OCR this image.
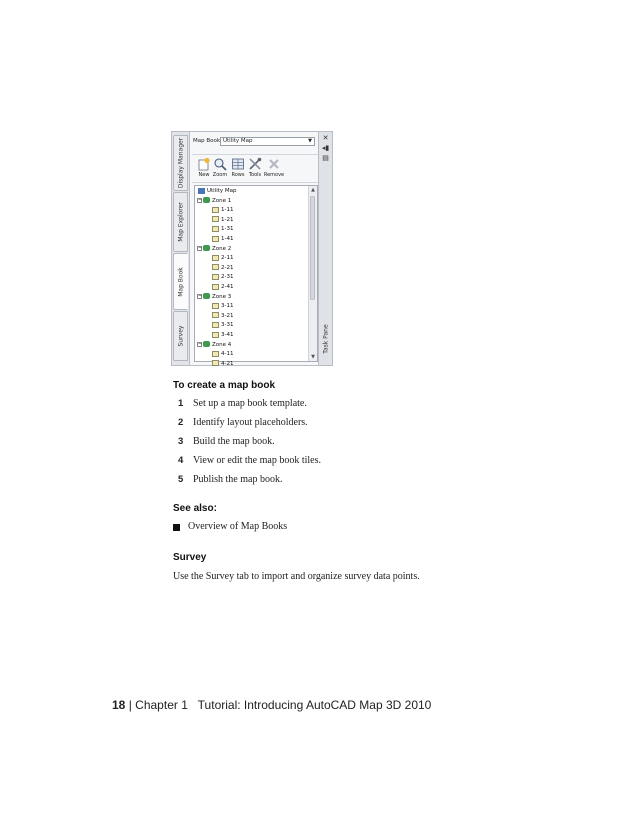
Display Manager
Map Explorer
Map Book
Survey
Map Book Utility Map	▼
New Zoom Rows Tools Remove
Utility Map
− Zone 1
1-11
1-21
1-31
1-41
− Zone 2
2-11
2-21
2-31
2-41
− Zone 3
3-11
3-21
3-31
3-41
− Zone 4
4-11
4-21
▲
▼
✕
◂▮
▤
Task Pane
To create a map book
1 Set up a map book template.
2 Identify layout placeholders.
3 Build the map book.
4 View or edit the map book tiles.
5 Publish the map book.
See also:
Overview of Map Books
Survey
Use the Survey tab to import and organize survey data points.
18 | Chapter 1 Tutorial: Introducing AutoCAD Map 3D 2010
